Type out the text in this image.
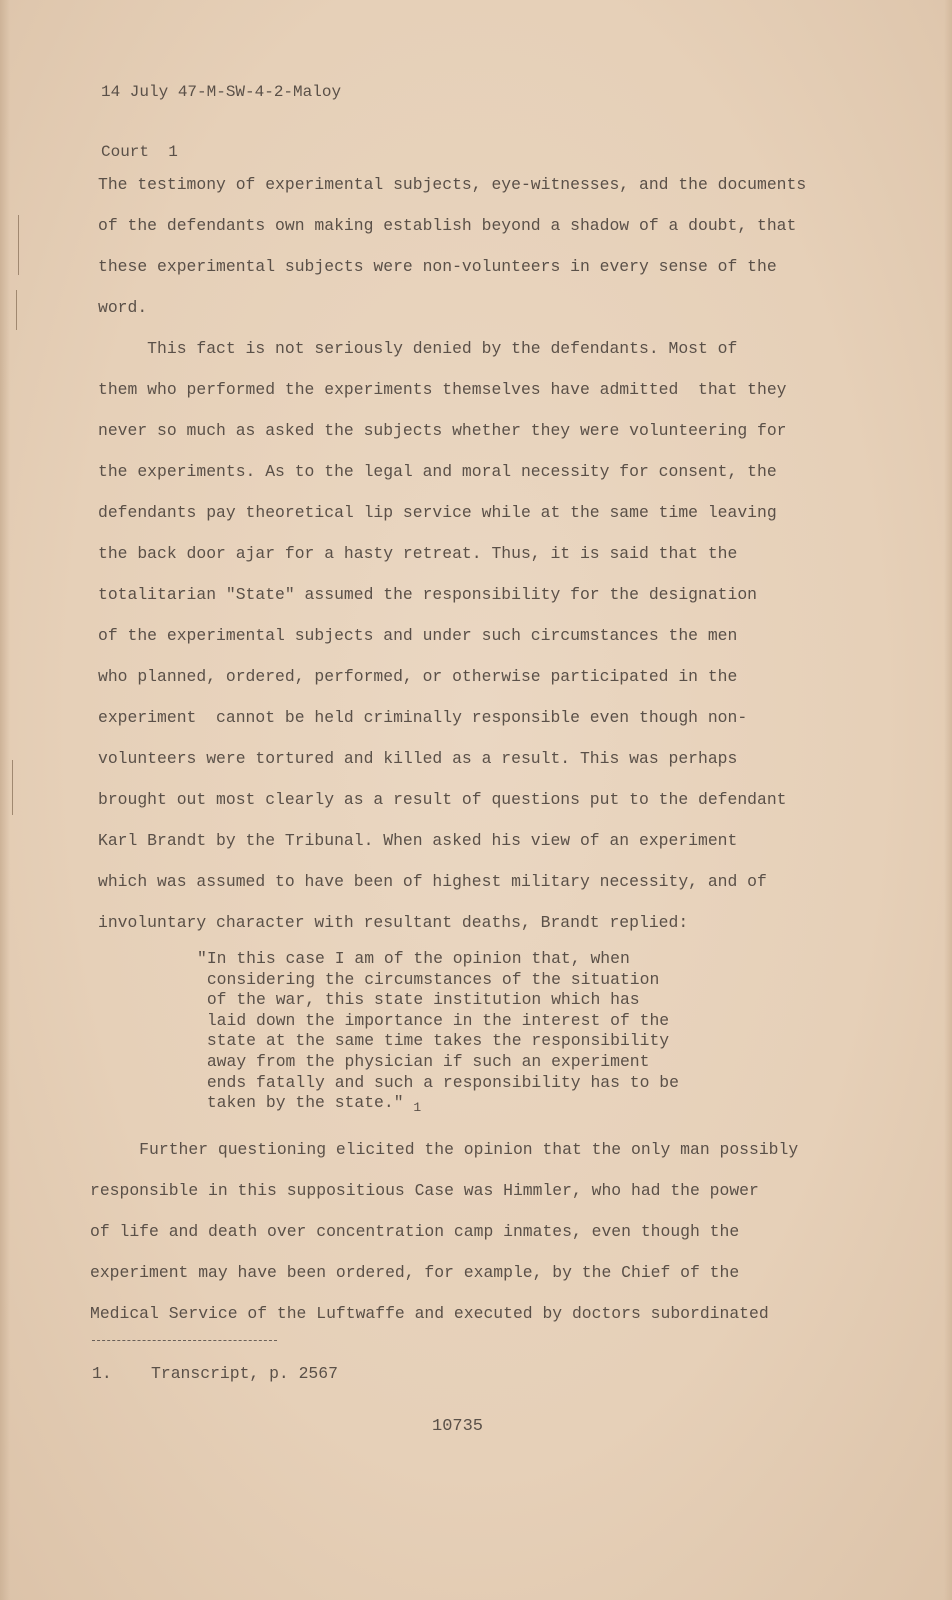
14 July 47-M-SW-4-2-Maloy

Court  1

The testimony of experimental subjects, eye-witnesses, and the documents
of the defendants own making establish beyond a shadow of a doubt, that
these experimental subjects were non-volunteers in every sense of the
word.
This fact is not seriously denied by the defendants. Most of
them who performed the experiments themselves have admitted  that they
never so much as asked the subjects whether they were volunteering for
the experiments. As to the legal and moral necessity for consent, the
defendants pay theoretical lip service while at the same time leaving
the back door ajar for a hasty retreat. Thus, it is said that the
totalitarian "State" assumed the responsibility for the designation
of the experimental subjects and under such circumstances the men
who planned, ordered, performed, or otherwise participated in the
experiment  cannot be held criminally responsible even though non-
volunteers were tortured and killed as a result. This was perhaps
brought out most clearly as a result of questions put to the defendant
Karl Brandt by the Tribunal. When asked his view of an experiment
which was assumed to have been of highest military necessity, and of
involuntary character with resultant deaths, Brandt replied:
"In this case I am of the opinion that, when
considering the circumstances of the situation
of the war, this state institution which has
laid down the importance in the interest of the
state at the same time takes the responsibility
away from the physician if such an experiment
ends fatally and such a responsibility has to be
taken by the state." $_1$
Further questioning elicited the opinion that the only man possibly
responsible in this suppositious Case was Himmler, who had the power
of life and death over concentration camp inmates, even though the
experiment may have been ordered, for example, by the Chief of the
Medical Service of the Luftwaffe and executed by doctors subordinated
1. Transcript, p. 2567
10735
